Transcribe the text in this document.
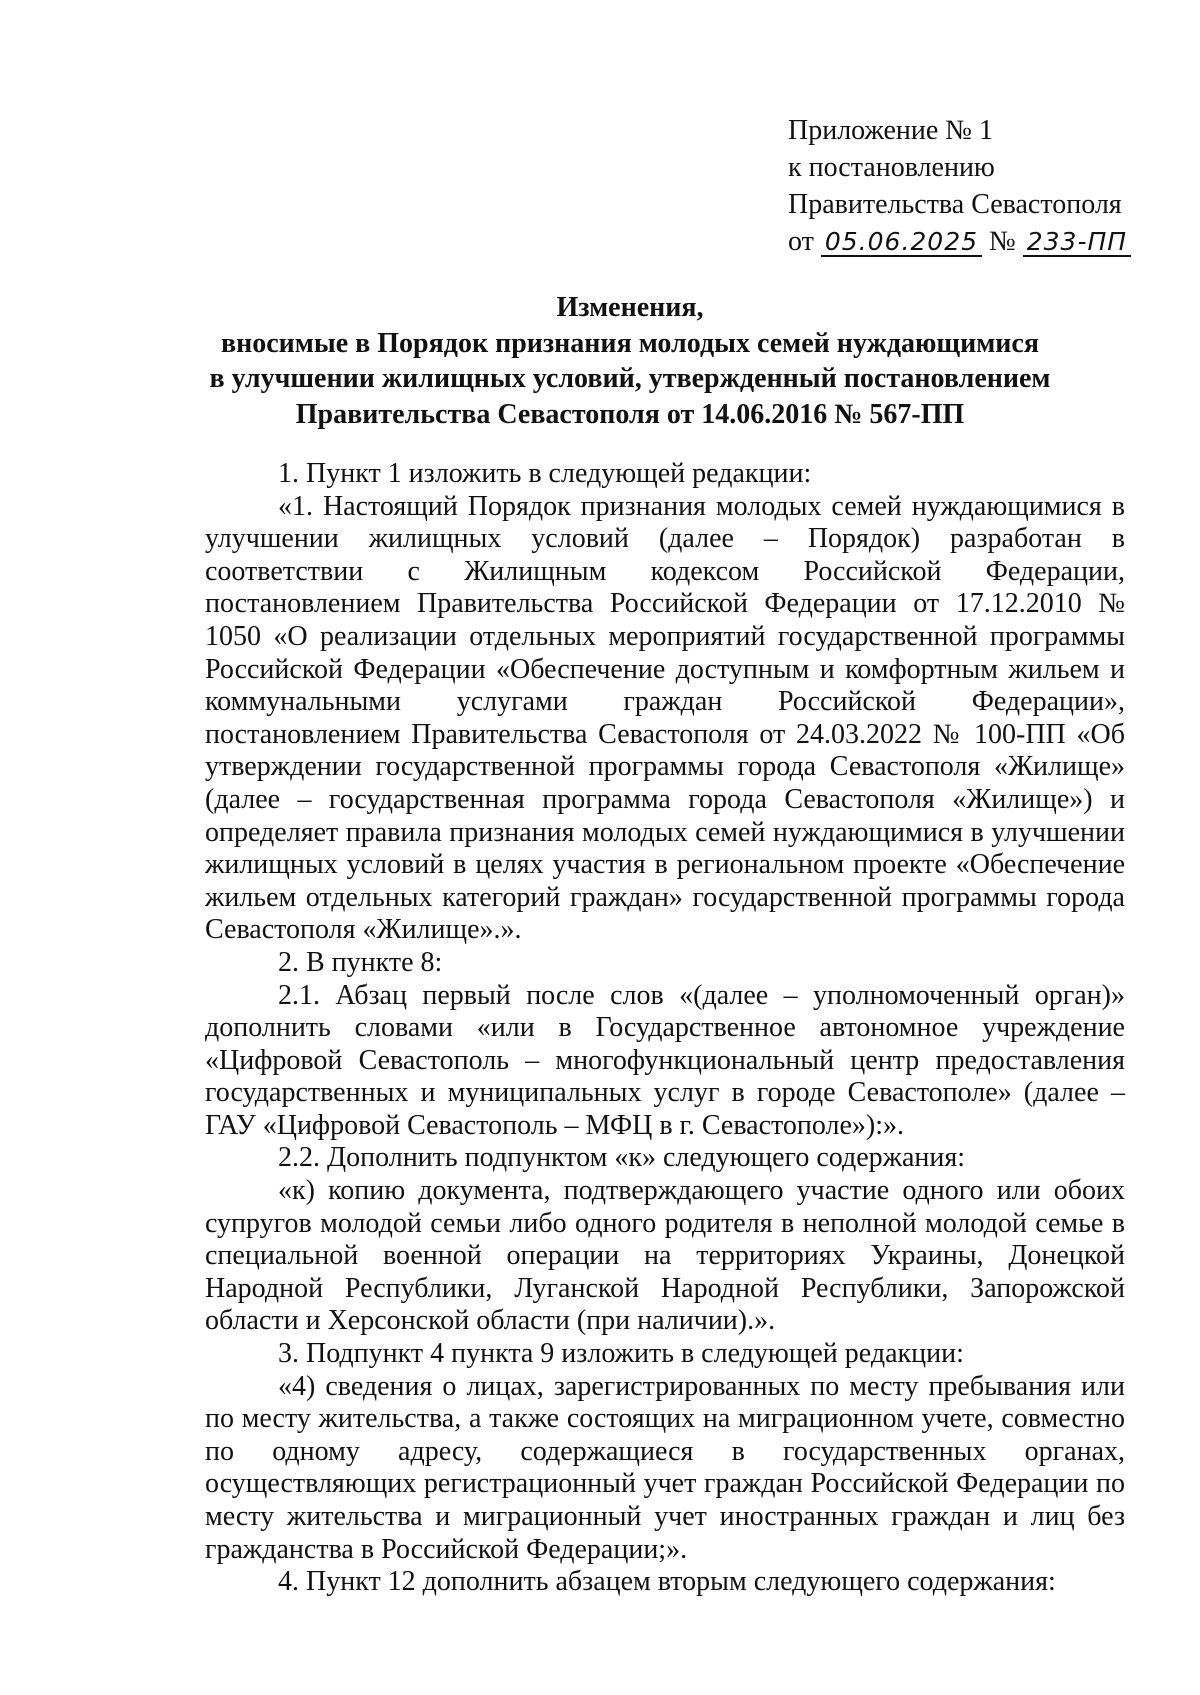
Приложение № 1
к постановлению
Правительства Севастополя
от 05.06.2025 № 233-ПП
Изменения,
вносимые в Порядок признания молодых семей нуждающимися
в улучшении жилищных условий, утвержденный постановлением
Правительства Севастополя от 14.06.2016 № 567-ПП

1. Пункт 1 изложить в следующей редакции:

«1. Настоящий Порядок признания молодых семей нуждающимися в улучшении жилищных условий (далее – Порядок) разработан в соответствии с Жилищным кодексом Российской Федерации, постановлением Правительства Российской Федерации от 17.12.2010 № 1050 «О реализации отдельных мероприятий государственной программы Российской Федерации «Обеспечение доступным и комфортным жильем и коммунальными услугами граждан Российской Федерации», постановлением Правительства Севастополя от 24.03.2022 № 100-ПП «Об утверждении государственной программы города Севастополя «Жилище» (далее – государственная программа города Севастополя «Жилище») и определяет правила признания молодых семей нуждающимися в улучшении жилищных условий в целях участия в региональном проекте «Обеспечение жильем отдельных категорий граждан» государственной программы города Севастополя «Жилище».».

2. В пункте 8:

2.1. Абзац первый после слов «(далее – уполномоченный орган)» дополнить словами «или в Государственное автономное учреждение «Цифровой Севастополь – многофункциональный центр предоставления государственных и муниципальных услуг в городе Севастополе» (далее – ГАУ «Цифровой Севастополь – МФЦ в г. Севастополе»):».

2.2. Дополнить подпунктом «к» следующего содержания:

«к) копию документа, подтверждающего участие одного или обоих супругов молодой семьи либо одного родителя в неполной молодой семье в специальной военной операции на территориях Украины, Донецкой Народной Республики, Луганской Народной Республики, Запорожской области и Херсонской области (при наличии).».

3. Подпункт 4 пункта 9 изложить в следующей редакции:

«4) сведения о лицах, зарегистрированных по месту пребывания или по месту жительства, а также состоящих на миграционном учете, совместно по одному адресу, содержащиеся в государственных органах, осуществляющих регистрационный учет граждан Российской Федерации по месту жительства и миграционный учет иностранных граждан и лиц без гражданства в Российской Федерации;».

4. Пункт 12 дополнить абзацем вторым следующего содержания:
